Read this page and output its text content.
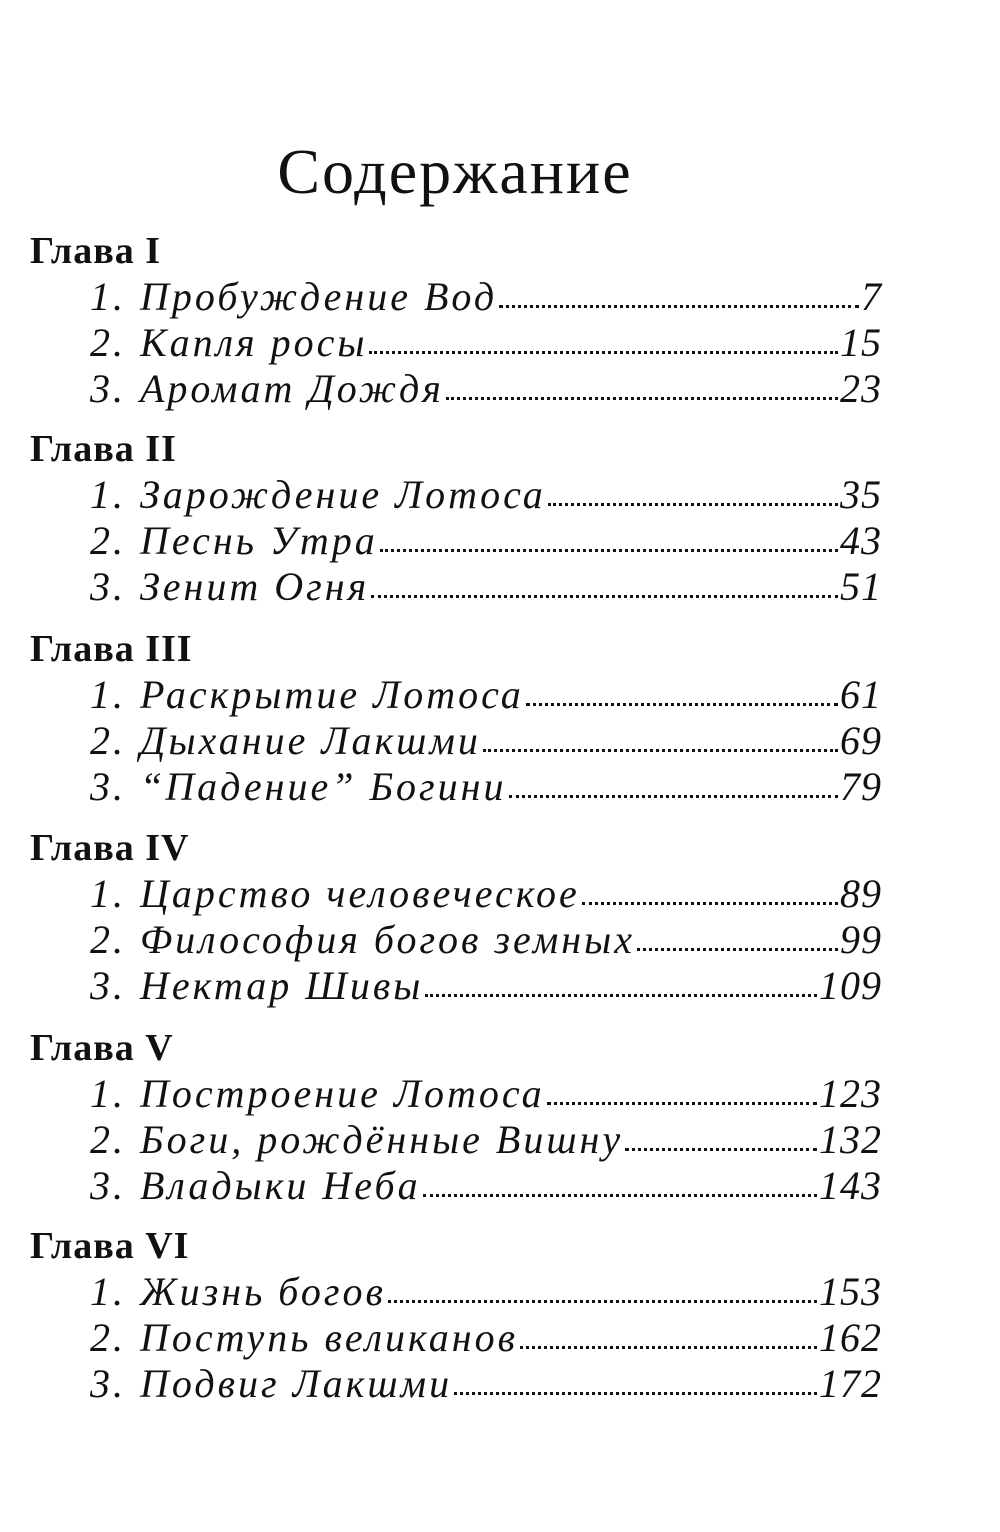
Содержание
Глава I
1. Пробуждение Вод	7
2. Капля росы	15
3. Аромат Дождя	23
Глава II
1. Зарождение Лотоса	35
2. Песнь Утра	43
3. Зенит Огня	51
Глава III
1. Раскрытие Лотоса	61
2. Дыхание Лакшми	69
3. “Падение” Богини	79
Глава IV
1. Царство человеческое	89
2. Философия богов земных	99
3. Нектар Шивы	109
Глава V
1. Построение Лотоса	123
2. Боги, рождённые Вишну	132
3. Владыки Неба	143
Глава VI
1. Жизнь богов	153
2. Поступь великанов	162
3. Подвиг Лакшми	172
